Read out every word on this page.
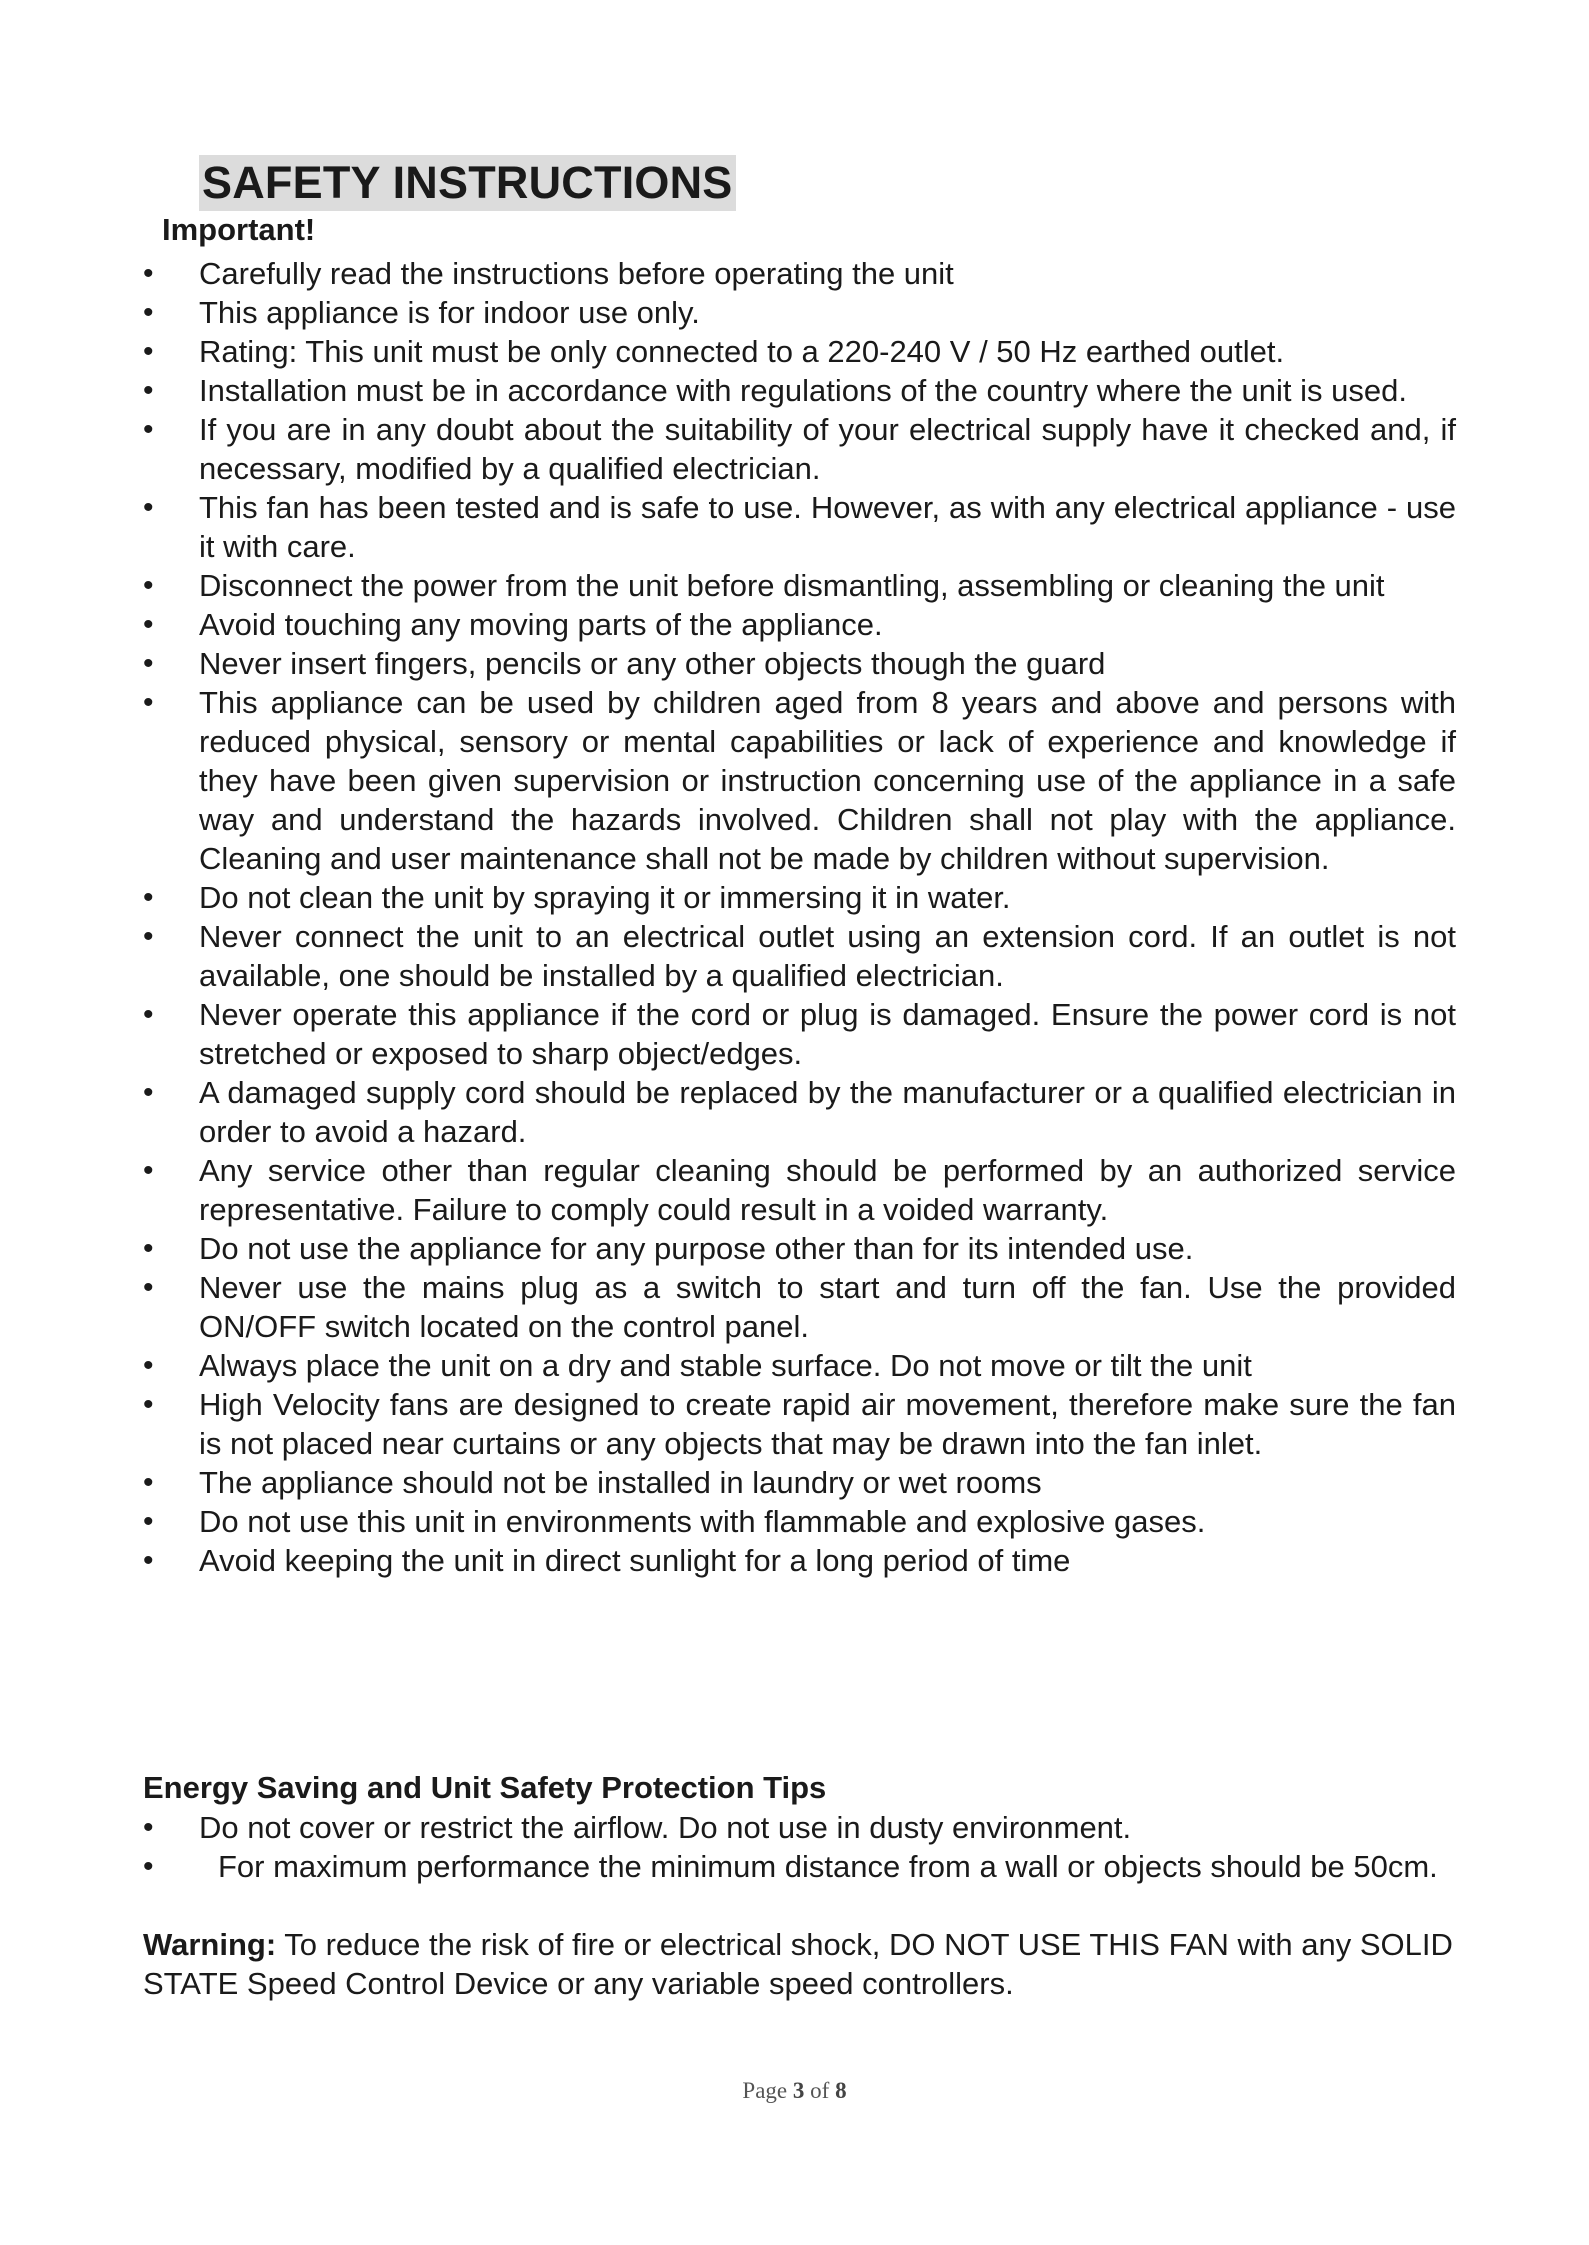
SAFETY INSTRUCTIONS
Important!
• Carefully read the instructions before operating the unit
• This appliance is for indoor use only.
• Rating: This unit must be only connected to a 220-240 V / 50 Hz earthed outlet.
• Installation must be in accordance with regulations of the country where the unit is used.
• If you are in any doubt about the suitability of your electrical supply have it checked and, if necessary, modified by a qualified electrician.
• This fan has been tested and is safe to use. However, as with any electrical appliance - use it with care.
• Disconnect the power from the unit before dismantling, assembling or cleaning the unit
• Avoid touching any moving parts of the appliance.
• Never insert fingers, pencils or any other objects though the guard
• This appliance can be used by children aged from 8 years and above and persons with reduced physical, sensory or mental capabilities or lack of experience and knowledge if they have been given supervision or instruction concerning use of the appliance in a safe way and understand the hazards involved. Children shall not play with the appliance. Cleaning and user maintenance shall not be made by children without supervision.
• Do not clean the unit by spraying it or immersing it in water.
• Never connect the unit to an electrical outlet using an extension cord. If an outlet is not available, one should be installed by a qualified electrician.
• Never operate this appliance if the cord or plug is damaged. Ensure the power cord is not stretched or exposed to sharp object/edges.
• A damaged supply cord should be replaced by the manufacturer or a qualified electrician in order to avoid a hazard.
• Any service other than regular cleaning should be performed by an authorized service representative. Failure to comply could result in a voided warranty.
• Do not use the appliance for any purpose other than for its intended use.
• Never use the mains plug as a switch to start and turn off the fan. Use the provided ON/OFF switch located on the control panel.
• Always place the unit on a dry and stable surface. Do not move or tilt the unit
• High Velocity fans are designed to create rapid air movement, therefore make sure the fan is not placed near curtains or any objects that may be drawn into the fan inlet.
• The appliance should not be installed in laundry or wet rooms
• Do not use this unit in environments with flammable and explosive gases.
• Avoid keeping the unit in direct sunlight for a long period of time
Energy Saving and Unit Safety Protection Tips
• Do not cover or restrict the airflow. Do not use in dusty environment.
• For maximum performance the minimum distance from a wall or objects should be 50cm.
Warning: To reduce the risk of fire or electrical shock, DO NOT USE THIS FAN with any SOLID STATE Speed Control Device or any variable speed controllers.
Page 3 of 8
